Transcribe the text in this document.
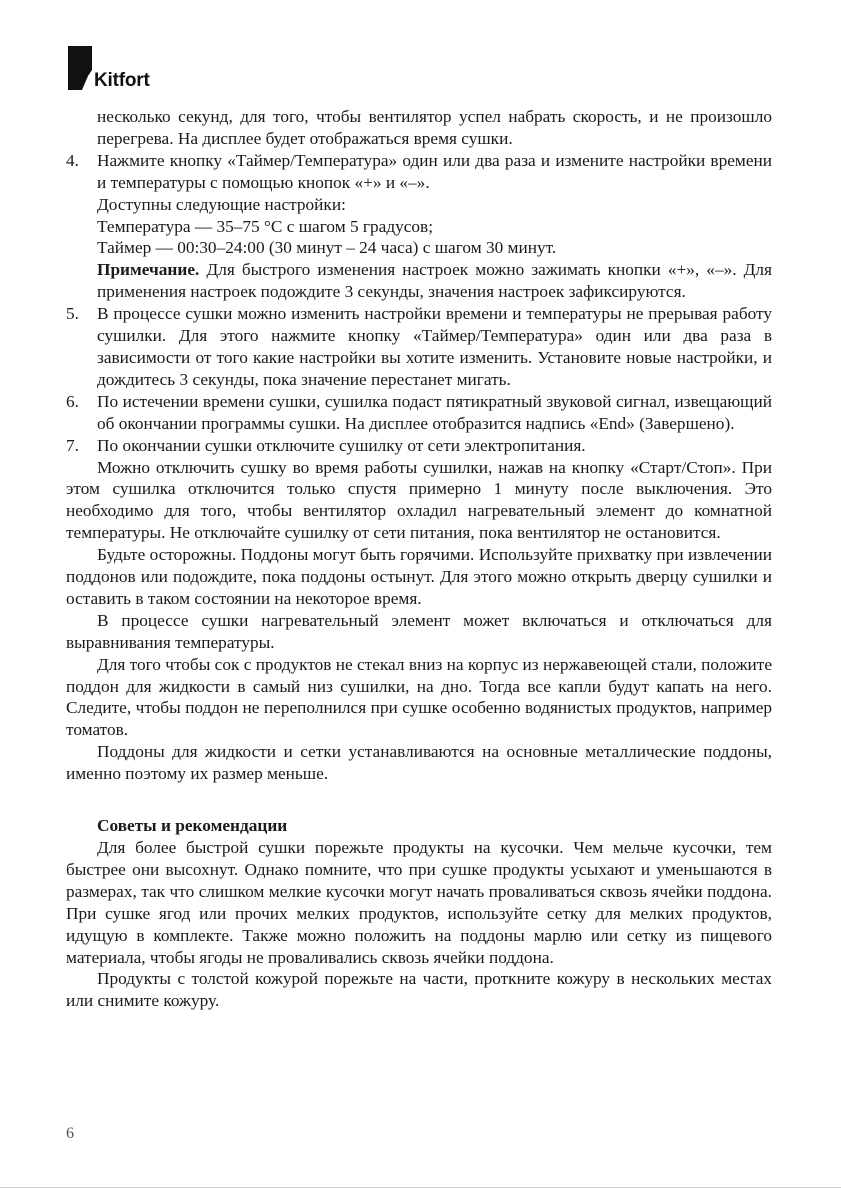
Kitfort

несколько секунд, для того, чтобы вентилятор успел набрать скорость, и не произошло перегрева. На дисплее будет отображаться время сушки.

4. Нажмите кнопку «Таймер/Температура» один или два раза и измените настройки времени и температуры с помощью кнопок «+» и «–».

Доступны следующие настройки:

Температура — 35–75 °C с шагом 5 градусов;

Таймер — 00:30–24:00 (30 минут – 24 часа) с шагом 30 минут.

Примечание. Для быстрого изменения настроек можно зажимать кнопки «+», «–». Для применения настроек подождите 3 секунды, значения настроек зафиксируются.

5. В процессе сушки можно изменить настройки времени и температуры не прерывая работу сушилки. Для этого нажмите кнопку «Таймер/Температура» один или два раза в зависимости от того какие настройки вы хотите изменить. Установите новые настройки, и дождитесь 3 секунды, пока значение перестанет мигать.

6. По истечении времени сушки, сушилка подаст пятикратный звуковой сигнал, извещающий об окончании программы сушки. На дисплее отобразится надпись «End» (Завершено).

7. По окончании сушки отключите сушилку от сети электропитания.

Можно отключить сушку во время работы сушилки, нажав на кнопку «Старт/Стоп». При этом сушилка отключится только спустя примерно 1 минуту после выключения. Это необходимо для того, чтобы вентилятор охладил нагревательный элемент до комнатной температуры. Не отключайте сушилку от сети питания, пока вентилятор не остановится.

Будьте осторожны. Поддоны могут быть горячими. Используйте прихватку при извлечении поддонов или подождите, пока поддоны остынут. Для этого можно открыть дверцу сушилки и оставить в таком состоянии на некоторое время.

В процессе сушки нагревательный элемент может включаться и отключаться для выравнивания температуры.

Для того чтобы сок с продуктов не стекал вниз на корпус из нержавеющей стали, положите поддон для жидкости в самый низ сушилки, на дно. Тогда все капли будут капать на него. Следите, чтобы поддон не переполнился при сушке особенно водянистых продуктов, например томатов.

Поддоны для жидкости и сетки устанавливаются на основные металлические поддоны, именно поэтому их размер меньше.

Советы и рекомендации

Для более быстрой сушки порежьте продукты на кусочки. Чем мельче кусочки, тем быстрее они высохнут. Однако помните, что при сушке продукты усыхают и уменьшаются в размерах, так что слишком мелкие кусочки могут начать проваливаться сквозь ячейки поддона. При сушке ягод или прочих мелких продуктов, используйте сетку для мелких продуктов, идущую в комплекте. Также можно положить на поддоны марлю или сетку из пищевого материала, чтобы ягоды не проваливались сквозь ячейки поддона.

Продукты с толстой кожурой порежьте на части, проткните кожуру в нескольких местах или снимите кожуру.

6
